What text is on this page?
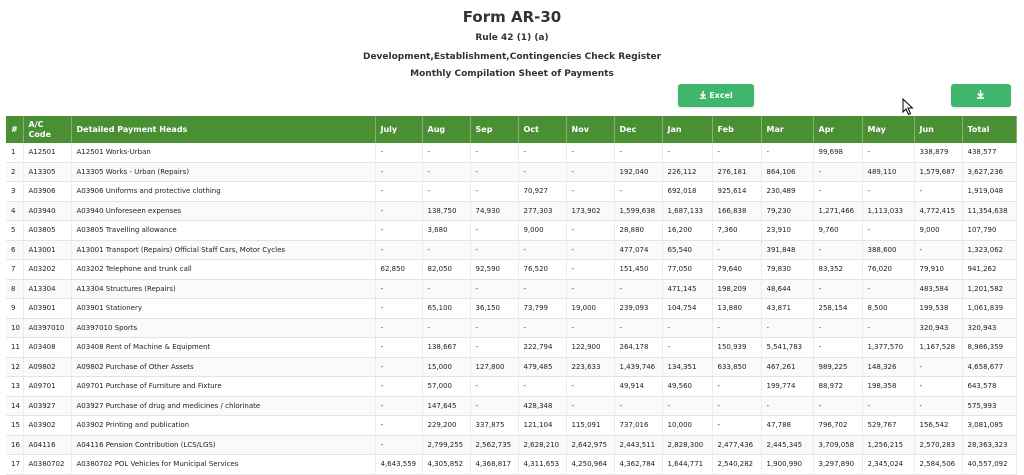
Form AR-30
Rule 42 (1) (a)
Development,Establishment,Contingencies Check Register
Monthly Compilation Sheet of Payments
Excel
#	A/C Code	Detailed Payment Heads	July	Aug	Sep	Oct	Nov	Dec	Jan	Feb	Mar	Apr	May	Jun	Total
1	A12501	A12501 Works-Urban	-	-	-	-	-	-	-	-	-	99,698	-	338,879	438,577
2	A13305	A13305 Works - Urban (Repairs)	-	-	-	-	-	192,040	226,112	276,181	864,106	-	489,110	1,579,687	3,627,236
3	A03906	A03906 Uniforms and protective clothing	-	-	-	70,927	-	-	692,018	925,614	230,489	-	-	-	1,919,048
4	A03940	A03940 Unforeseen expenses	-	138,750	74,930	277,303	173,902	1,599,638	1,687,133	166,838	79,230	1,271,466	1,113,033	4,772,415	11,354,638
5	A03805	A03805 Travelling allowance	-	3,680	-	9,000	-	28,880	16,200	7,360	23,910	9,760	-	9,000	107,790
6	A13001	A13001 Transport (Repairs) Official Staff Cars, Motor Cycles	-	-	-	-	-	477,074	65,540	-	391,848	-	388,600	-	1,323,062
7	A03202	A03202 Telephone and trunk call	62,850	82,050	92,590	76,520	-	151,450	77,050	79,640	79,830	83,352	76,020	79,910	941,262
8	A13304	A13304 Structures (Repairs)	-	-	-	-	-	-	471,145	198,209	48,644	-	-	483,584	1,201,582
9	A03901	A03901 Stationery	-	65,100	36,150	73,799	19,000	239,093	104,754	13,880	43,871	258,154	8,500	199,538	1,061,839
10	A0397010	A0397010 Sports	-	-	-	-	-	-	-	-	-	-	-	320,943	320,943
11	A03408	A03408 Rent of Machine & Equipment	-	138,667	-	222,794	122,900	264,178	-	150,939	5,541,783	-	1,377,570	1,167,528	8,986,359
12	A09802	A09802 Purchase of Other Assets	-	15,000	127,800	479,485	223,633	1,439,746	134,351	633,850	467,261	989,225	148,326	-	4,658,677
13	A09701	A09701 Purchase of Furniture and Fixture	-	57,000	-	-	-	49,914	49,560	-	199,774	88,972	198,358	-	643,578
14	A03927	A03927 Purchase of drug and medicines / chlorinate	-	147,645	-	428,348	-	-	-	-	-	-	-	-	575,993
15	A03902	A03902 Printing and publication	-	229,200	337,875	121,104	115,091	737,016	10,000	-	47,788	796,702	529,767	156,542	3,081,085
16	A04116	A04116 Pension Contribution (LCS/LGS)	-	2,799,255	2,562,735	2,628,210	2,642,975	2,443,511	2,828,300	2,477,436	2,445,345	3,709,058	1,256,215	2,570,283	28,363,323
17	A0380702	A0380702 POL Vehicles for Municipal Services	4,643,559	4,305,852	4,368,817	4,311,653	4,250,964	4,362,784	1,644,771	2,540,282	1,900,990	3,297,890	2,345,024	2,584,506	40,557,092
